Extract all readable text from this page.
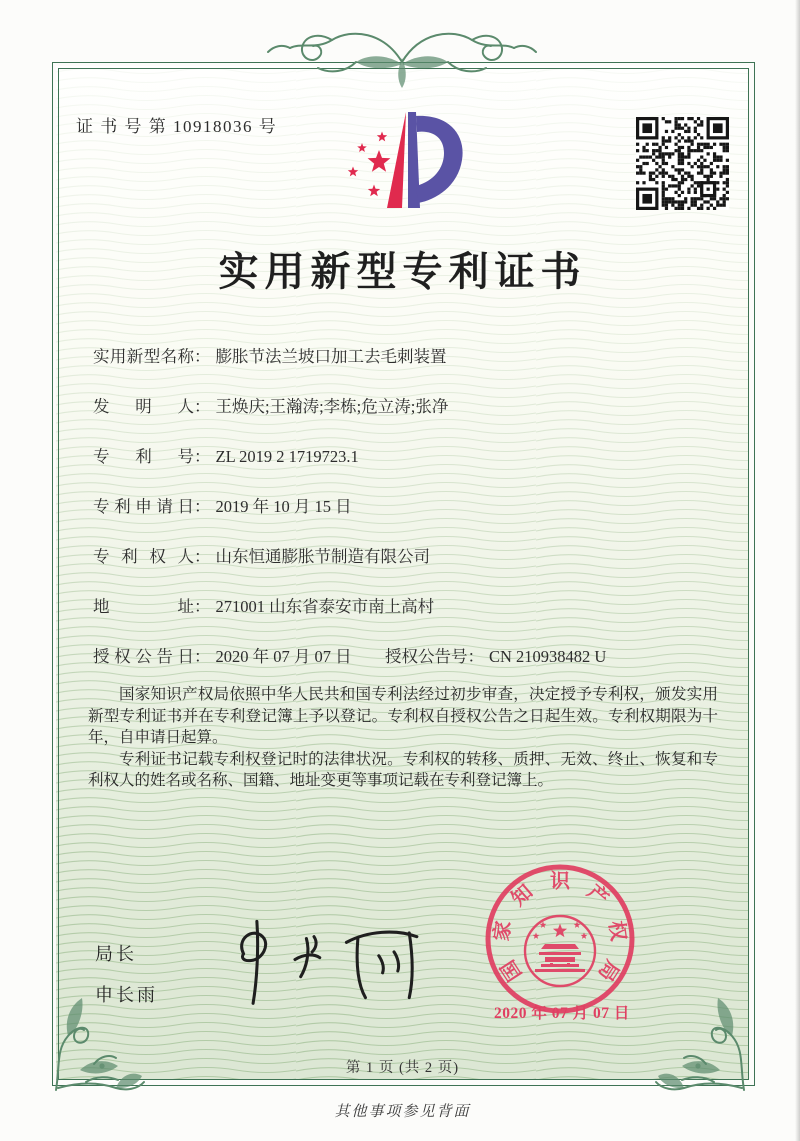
证 书 号 第 10918036 号
实用新型专利证书
实用新型名称： 膨胀节法兰坡口加工去毛刺装置
发明人： 王焕庆;王瀚涛;李栋;危立涛;张净
专利号： ZL 2019 2 1719723.1
专利申请日： 2019 年 10 月 15 日
专利权人： 山东恒通膨胀节制造有限公司
地址： 271001 山东省泰安市南上高村
授权公告日： 2020 年 07 月 07 日 授权公告号： CN 210938482 U

国家知识产权局依照中华人民共和国专利法经过初步审查，决定授予专利权，颁发实用新型专利证书并在专利登记簿上予以登记。专利权自授权公告之日起生效。专利权期限为十年，自申请日起算。

专利证书记载专利权登记时的法律状况。专利权的转移、质押、无效、终止、恢复和专利权人的姓名或名称、国籍、地址变更等事项记载在专利登记簿上。

局长
申长雨
国
家
知 识 产
权
局
2020 年 07 月 07 日
第 1 页 (共 2 页)
其他事项参见背面
